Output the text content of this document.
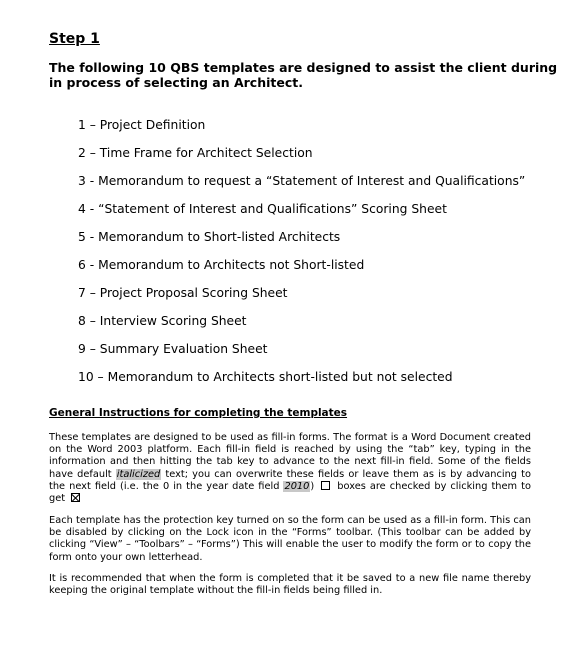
Step 1
The following 10 QBS templates are designed to assist the client during in process of selecting an Architect.
1 – Project Definition
2 – Time Frame for Architect Selection
3 - Memorandum to request a “Statement of Interest and Qualifications”
4 - “Statement of Interest and Qualifications” Scoring Sheet
5 - Memorandum to Short-listed Architects
6 - Memorandum to Architects not Short-listed
7 – Project Proposal Scoring Sheet
8 – Interview Scoring Sheet
9 – Summary Evaluation Sheet
10 – Memorandum to Architects short-listed but not selected
General Instructions for completing the templates
These templates are designed to be used as fill-in forms. The format is a Word Document created on the Word 2003 platform. Each fill-in field is reached by using the “tab” key, typing in the information and then hitting the tab key to advance to the next fill-in field. Some of the fields have default italicized text; you can overwrite these fields or leave them as is by advancing to the next field (i.e. the 0 in the year date field 2010) boxes are checked by clicking them to get
Each template has the protection key turned on so the form can be used as a fill-in form. This can be disabled by clicking on the Lock icon in the “Forms” toolbar. (This toolbar can be added by clicking “View” – “Toolbars” – “Forms”) This will enable the user to modify the form or to copy the form onto your own letterhead.
It is recommended that when the form is completed that it be saved to a new file name thereby keeping the original template without the fill-in fields being filled in.
